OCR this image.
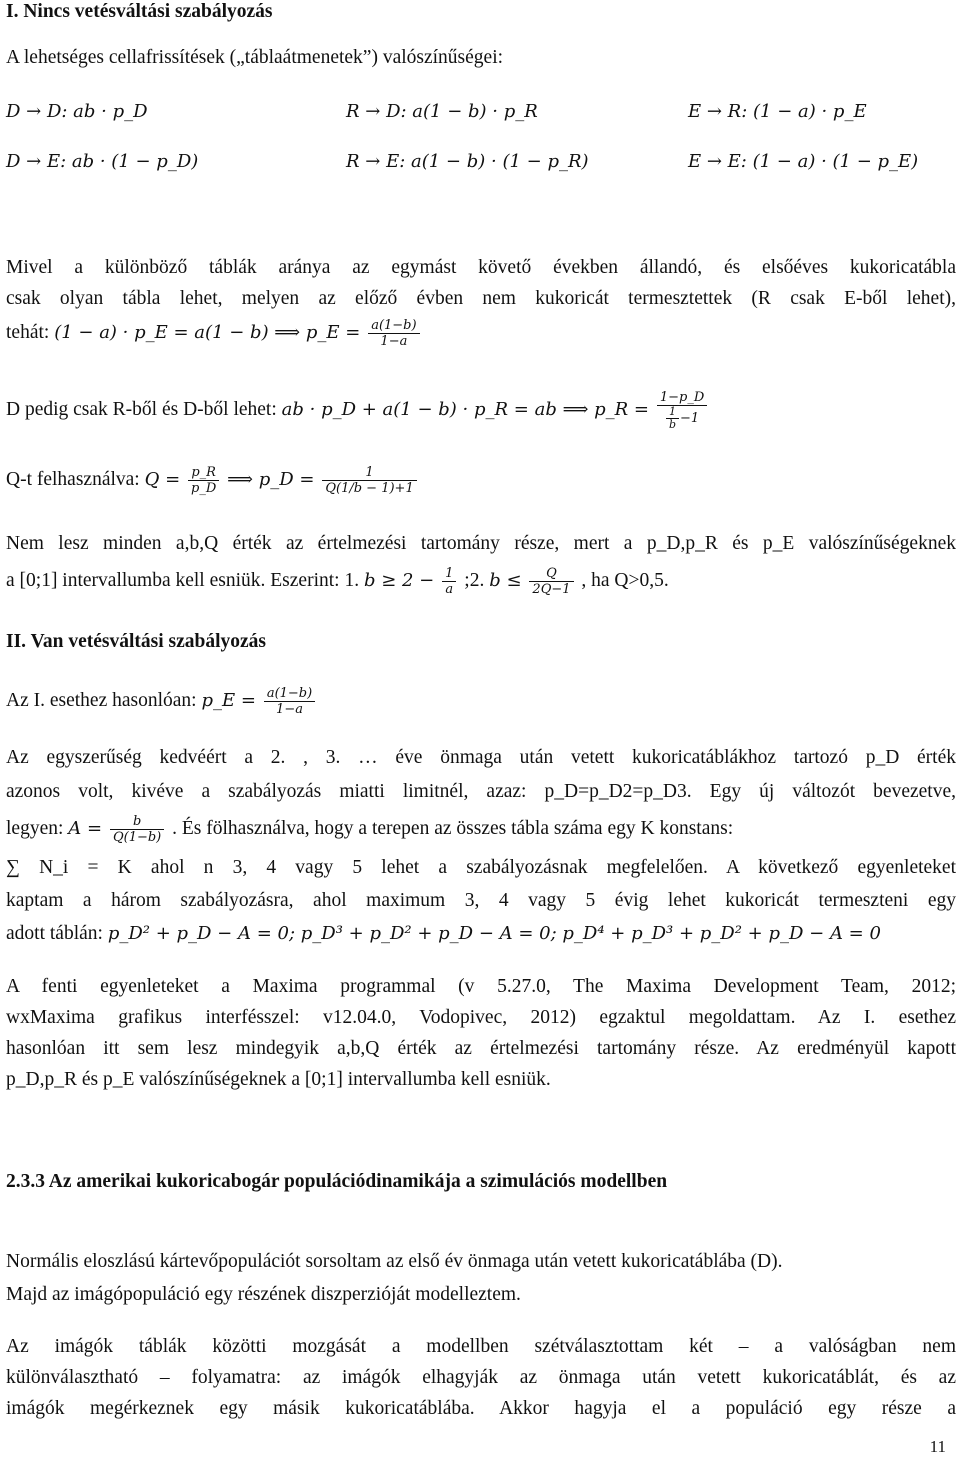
I. Nincs vetésváltási szabályozás
A lehetséges cellafrissítések („táblaátmenetek”) valószínűségei:
D → D: ab · p_D	R → D: a(1 − b) · p_R	E → R: (1 − a) · p_E
D → E: ab · (1 − p_D)	R → E: a(1 − b) · (1 − p_R)	E → E: (1 − a) · (1 − p_E)
Mivel a különböző táblák aránya az egymást követő években állandó, és elsőéves kukoricatábla
csak olyan tábla lehet, melyen az előző évben nem kukoricát termesztettek (R csak E-ből lehet),
tehát: (1 − a) · p_E = a(1 − b) ⟹ p_E = $\frac{a(1-b)}{1-a}$
D pedig csak R-ből és D-ből lehet: ab · p_D + a(1 − b) · p_R = ab ⟹ p_R = $\frac{1-p\_D}{\frac{1}{b} -1}$
Q-t felhasználva: $Q = \frac{p\_R}{p\_D}$ ⟹ p_D = $\frac{1}{Q(1/b - 1)+1}$
Nem lesz minden a,b,Q érték az értelmezési tartomány része, mert a p_D,p_R és p_E valószínűségeknek
a [0;1] intervallumba kell esniük. Eszerint: 1. $b \ge 2 - \frac{1}{a}$ ;2. $b \le \frac{Q}{2Q-1}$ , ha Q>0,5.
II. Van vetésváltási szabályozás
Az I. esethez hasonlóan: p_E = $\frac{a(1-b)}{1-a}$
Az egyszerűség kedvéért a 2. , 3. … éve önmaga után vetett kukoricatáblákhoz tartozó p_D érték
azonos volt, kivéve a szabályozás miatti limitnél, azaz: p_D=p_D2=p_D3. Egy új változót bevezetve,
legyen: $A = \frac{b}{Q(1-b)}$ . És fölhasználva, hogy a terepen az összes tábla száma egy K konstans:
∑ N_i = K ahol n 3, 4 vagy 5 lehet a szabályozásnak megfelelően. A következő egyenleteket
kaptam a három szabályozásra, ahol maximum 3, 4 vagy 5 évig lehet kukoricát termeszteni egy
adott táblán: p_D² + p_D − A = 0; p_D³ + p_D² + p_D − A = 0; p_D⁴ + p_D³ + p_D² + p_D − A = 0
A fenti egyenleteket a Maxima programmal (v 5.27.0, The Maxima Development Team, 2012;
wxMaxima grafikus interfésszel: v12.04.0, Vodopivec, 2012) egzaktul megoldattam. Az I. esethez
hasonlóan itt sem lesz mindegyik a,b,Q érték az értelmezési tartomány része. Az eredményül kapott
p_D,p_R és p_E valószínűségeknek a [0;1] intervallumba kell esniük.
2.3.3 Az amerikai kukoricabogár populációdinamikája a szimulációs modellben
Normális eloszlású kártevőpopulációt sorsoltam az első év önmaga után vetett kukoricatáblába (D).
Majd az imágópopuláció egy részének diszperzióját modelleztem.
Az imágók táblák közötti mozgását a modellben szétválasztottam két – a valóságban nem
különválasztható – folyamatra: az imágók elhagyják az önmaga után vetett kukoricatáblát, és az
imágók megérkeznek egy másik kukoricatáblába. Akkor hagyja el a populáció egy része a
11
